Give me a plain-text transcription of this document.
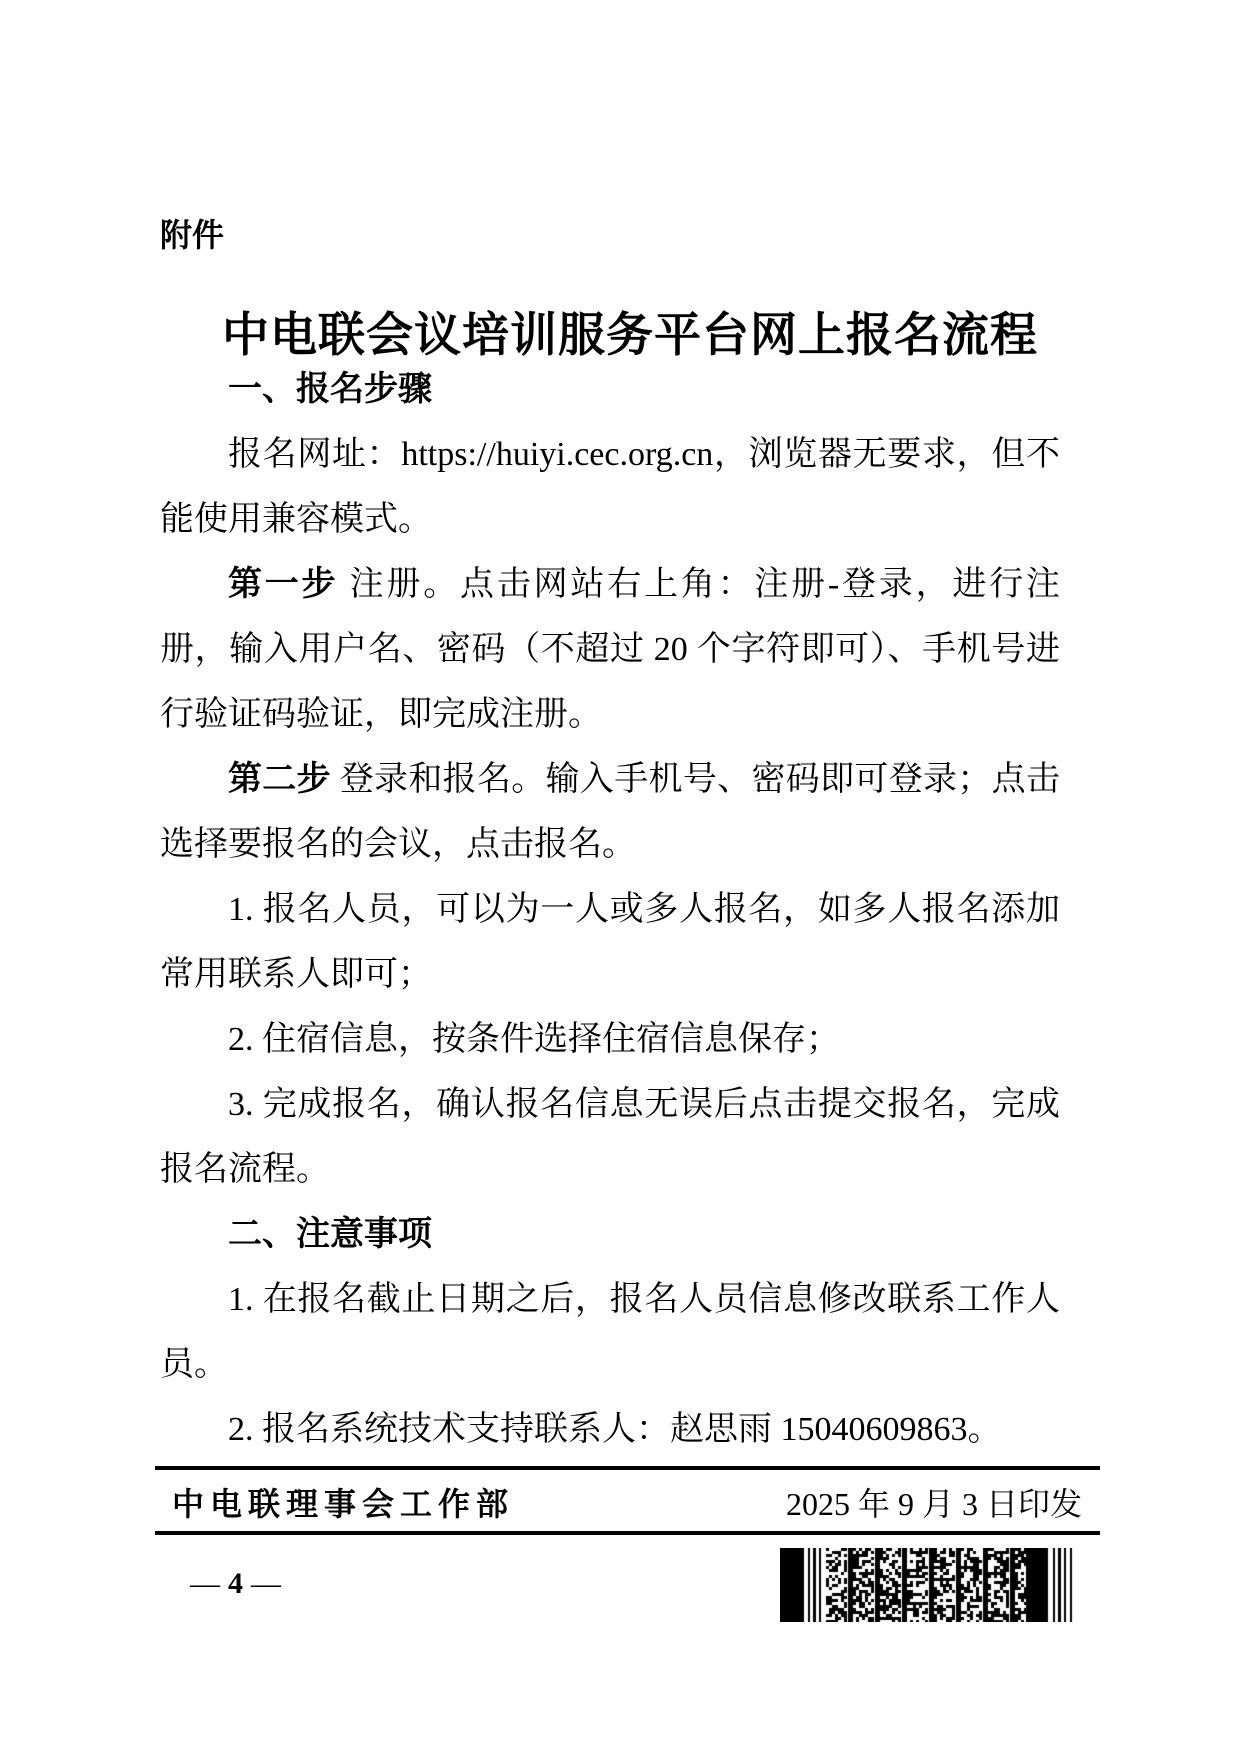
附件
中电联会议培训服务平台网上报名流程

一、报名步骤

报名网址：https://huiyi.cec.org.cn，浏览器无要求，但不能使用兼容模式。

第一步 注册。点击网站右上角：注册-登录，进行注册，输入用户名、密码（不超过 20 个字符即可）、手机号进行验证码验证，即完成注册。

第二步 登录和报名。输入手机号、密码即可登录；点击选择要报名的会议，点击报名。

1. 报名人员，可以为一人或多人报名，如多人报名添加常用联系人即可；

2. 住宿信息，按条件选择住宿信息保存；

3. 完成报名，确认报名信息无误后点击提交报名，完成报名流程。

二、注意事项

1. 在报名截止日期之后，报名人员信息修改联系工作人员。

2. 报名系统技术支持联系人：赵思雨 15040609863。

中电联理事会工作部	2025 年 9 月 3 日印发
— 4 —
